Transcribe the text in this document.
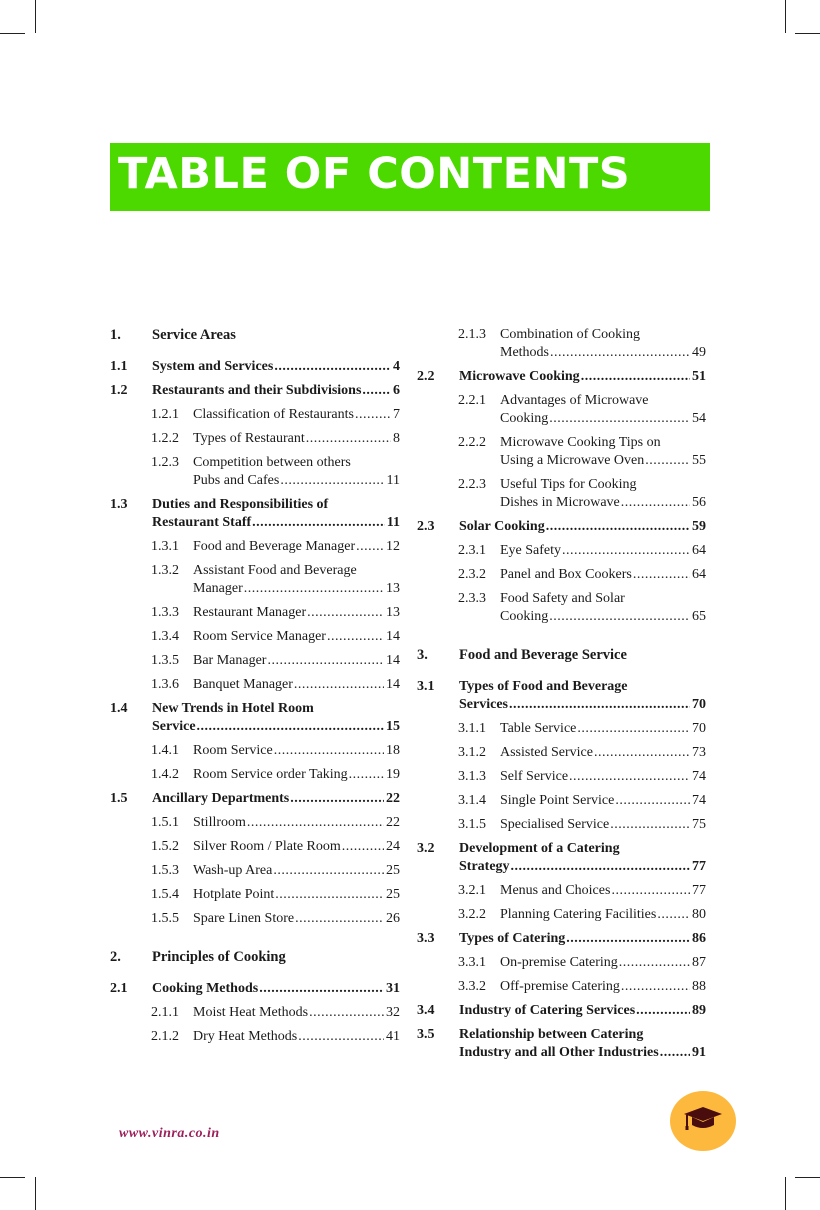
TABLE OF CONTENTS
1. Service Areas
1.1 System and Services .....	4
1.2 Restaurants and their Subdivisions ..... 6
1.2.1 Classification of Restaurants .....	7
1.2.2 Types of Restaurant .....	8
1.2.3 Competition between others
Pubs and Cafes .....	11
1.3 Duties and Responsibilities of
Restaurant Staff .....	11
1.3.1 Food and Beverage Manager ..... 12
1.3.2 Assistant Food and Beverage
Manager .....	13
1.3.3 Restaurant Manager .....	13
1.3.4 Room Service Manager .....	14
1.3.5 Bar Manager .....	14
1.3.6 Banquet Manager .....	14
1.4 New Trends in Hotel Room
Service .....	15
1.4.1 Room Service .....	18
1.4.2 Room Service order Taking .....	19
1.5 Ancillary Departments .....	22
1.5.1 Stillroom .....	22
1.5.2 Silver Room / Plate Room .....	24
1.5.3 Wash-up Area .....	25
1.5.4 Hotplate Point .....	25
1.5.5 Spare Linen Store .....	26
2. Principles of Cooking
2.1 Cooking Methods .....	31
2.1.1 Moist Heat Methods .....	32
2.1.2 Dry Heat Methods .....	41
2.1.3 Combination of Cooking
Methods .....	49
2.2 Microwave Cooking .....	51
2.2.1 Advantages of Microwave
Cooking .....	54
2.2.2 Microwave Cooking Tips on
Using a Microwave Oven .....	55
2.2.3 Useful Tips for Cooking
Dishes in Microwave .....	56
2.3 Solar Cooking .....	59
2.3.1 Eye Safety .....	64
2.3.2 Panel and Box Cookers .....	64
2.3.3 Food Safety and Solar
Cooking .....	65
3. Food and Beverage Service
3.1 Types of Food and Beverage
Services .....	70
3.1.1 Table Service .....	70
3.1.2 Assisted Service .....	73
3.1.3 Self Service .....	74
3.1.4 Single Point Service .....	74
3.1.5 Specialised Service .....	75
3.2 Development of a Catering
Strategy .....	77
3.2.1 Menus and Choices .....	77
3.2.2 Planning Catering Facilities .....	80
3.3 Types of Catering .....	86
3.3.1 On-premise Catering .....	87
3.3.2 Off-premise Catering .....	88
3.4 Industry of Catering Services .....	89
3.5 Relationship between Catering
Industry and all Other Industries ..... 91
www.vinra.co.in
